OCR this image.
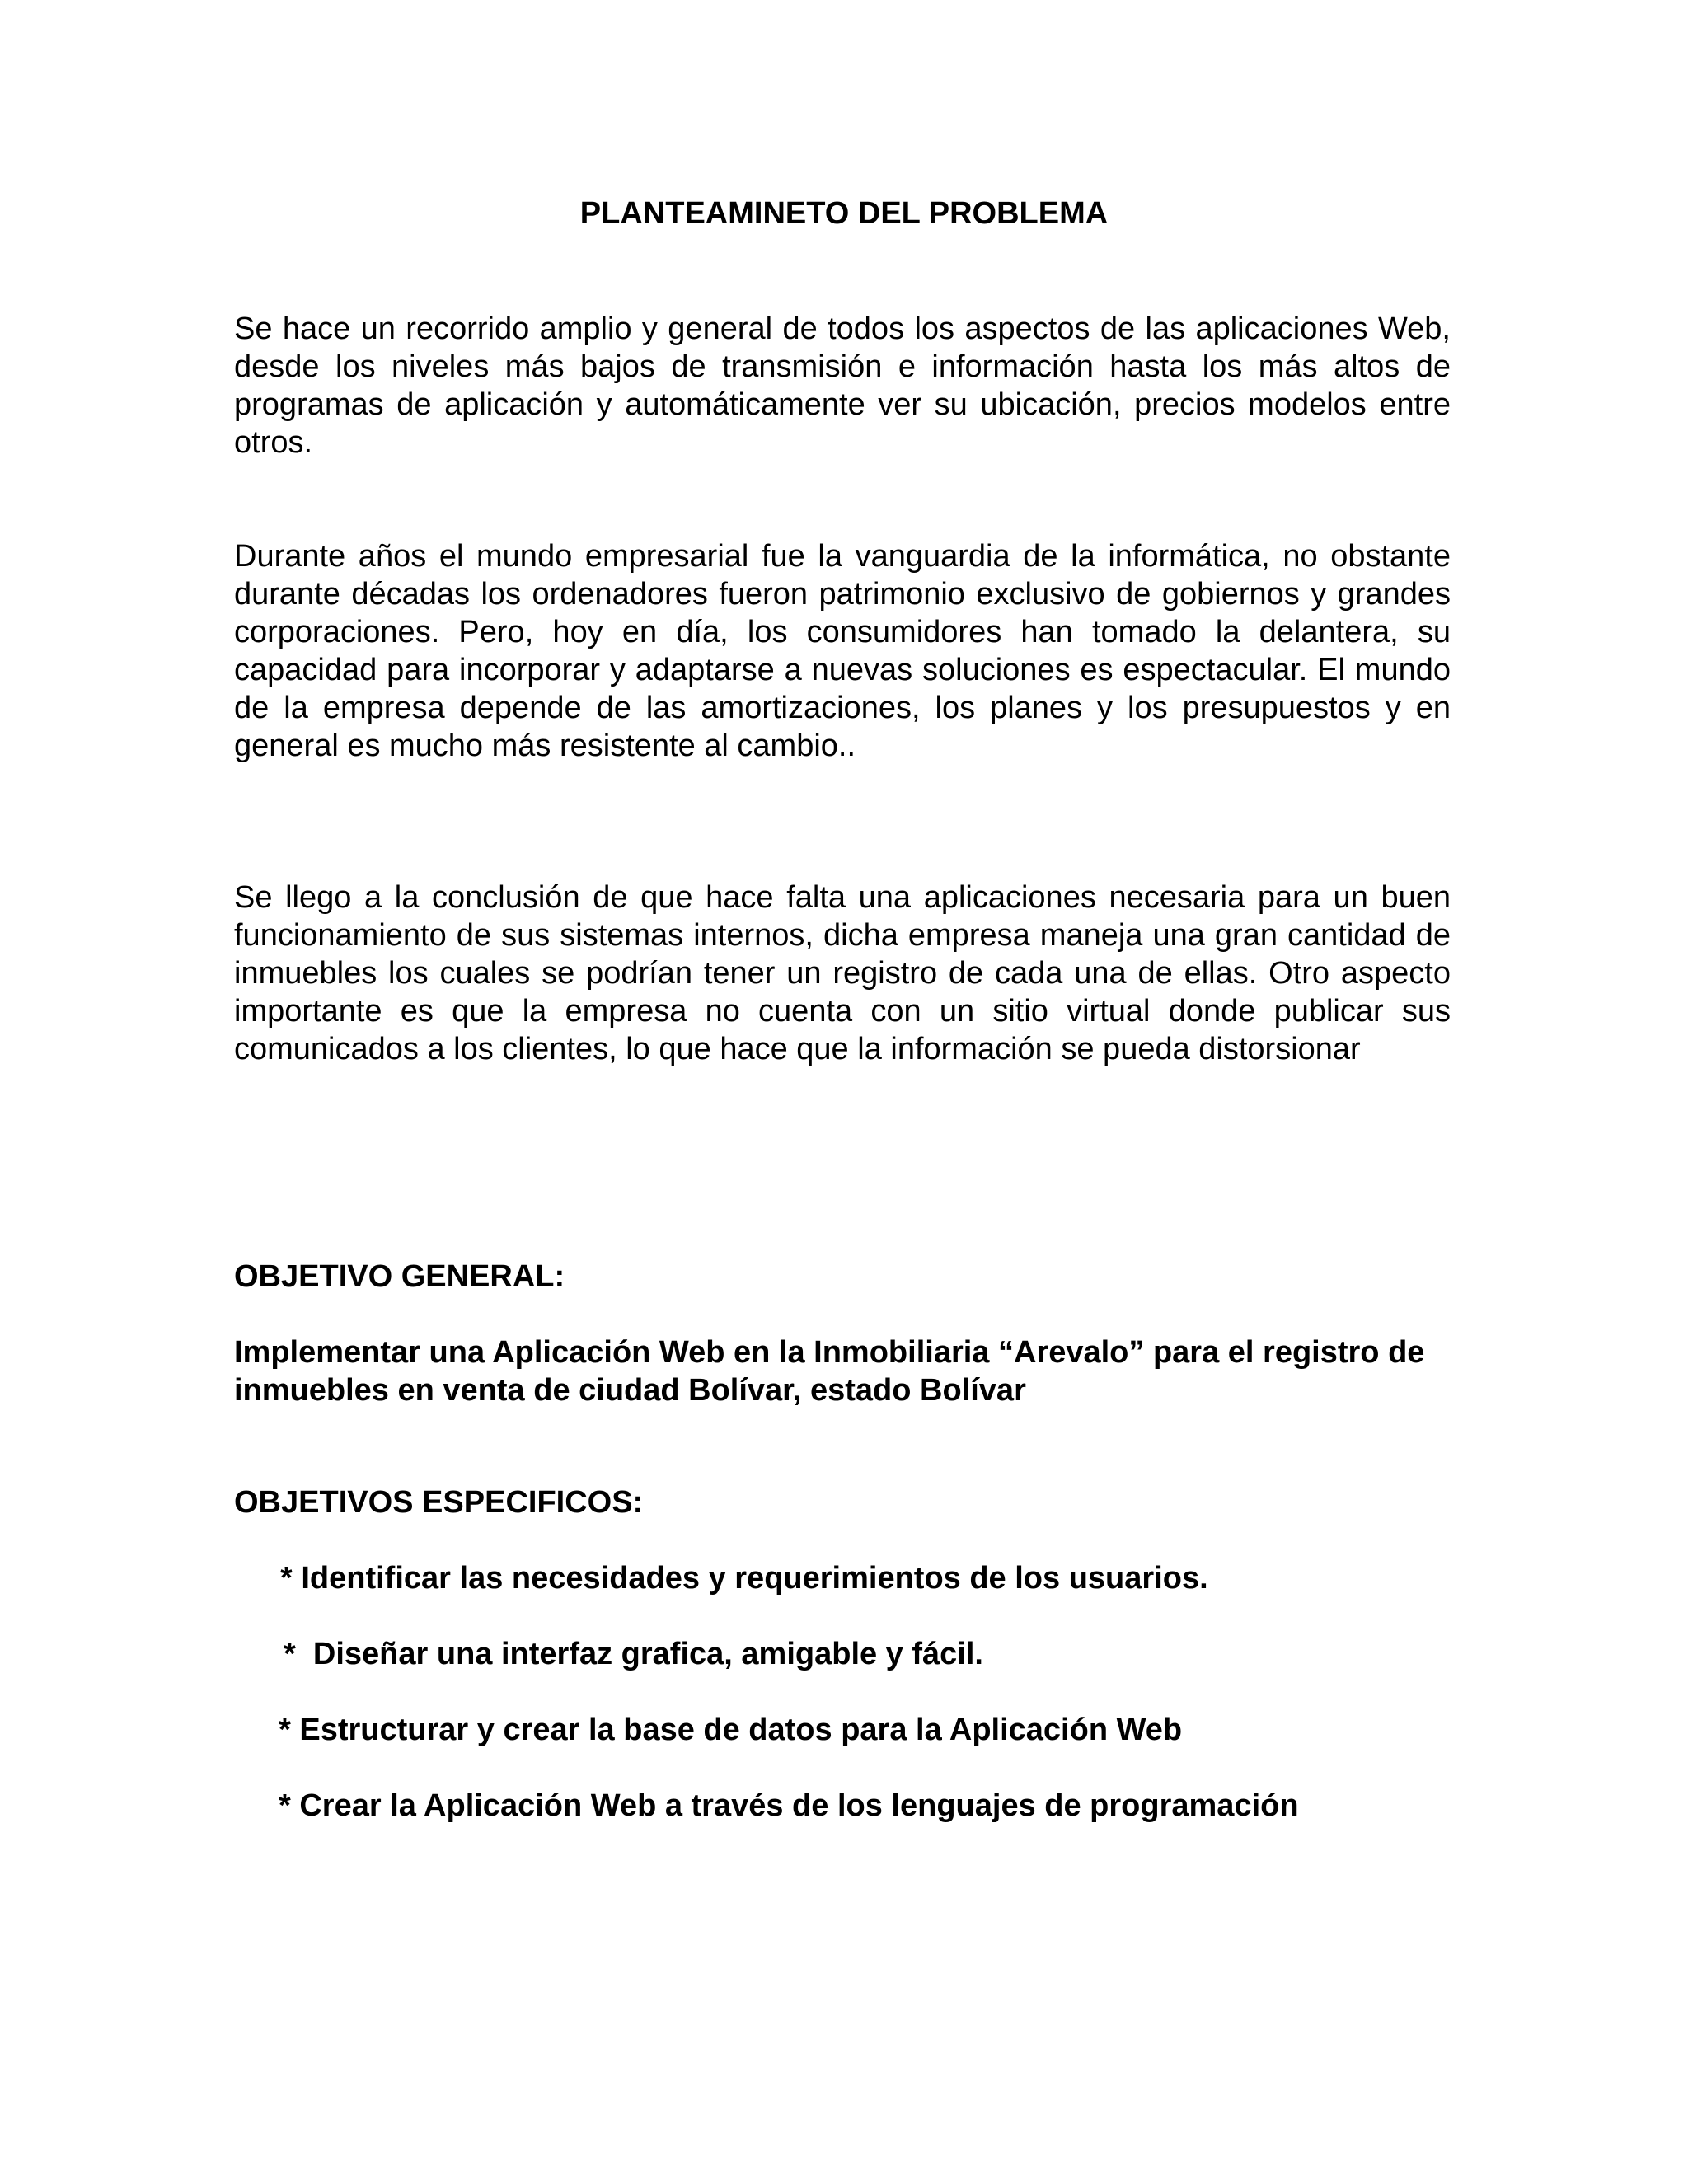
PLANTEAMINETO DEL PROBLEMA

Se hace un recorrido amplio y general de todos los aspectos de las aplicaciones Web, desde los niveles más bajos de transmisión e información hasta los más altos de programas de aplicación y automáticamente ver su ubicación, precios modelos entre otros.

Durante años el mundo empresarial fue la vanguardia de la informática, no obstante durante décadas los ordenadores fueron patrimonio exclusivo de gobiernos y grandes corporaciones. Pero, hoy en día, los consumidores han tomado la delantera, su capacidad para incorporar y adaptarse a nuevas soluciones es espectacular. El mundo de la empresa depende de las amortizaciones, los planes y los presupuestos y en general es mucho más resistente al cambio..

Se llego a la conclusión de que hace falta una aplicaciones necesaria para un buen funcionamiento de sus sistemas internos, dicha empresa maneja una gran cantidad de inmuebles los cuales se podrían tener un registro de cada una de ellas. Otro aspecto importante es que la empresa no cuenta con un sitio virtual donde publicar sus comunicados a los clientes, lo que hace que la información se pueda distorsionar

OBJETIVO GENERAL:

Implementar una Aplicación Web en la Inmobiliaria “Arevalo” para el registro de inmuebles en venta de ciudad Bolívar, estado Bolívar

OBJETIVOS ESPECIFICOS:
* Identificar las necesidades y requerimientos de los usuarios.
*  Diseñar una interfaz grafica, amigable y fácil.
* Estructurar y crear la base de datos para la Aplicación Web
* Crear la Aplicación Web a través de los lenguajes de programación
